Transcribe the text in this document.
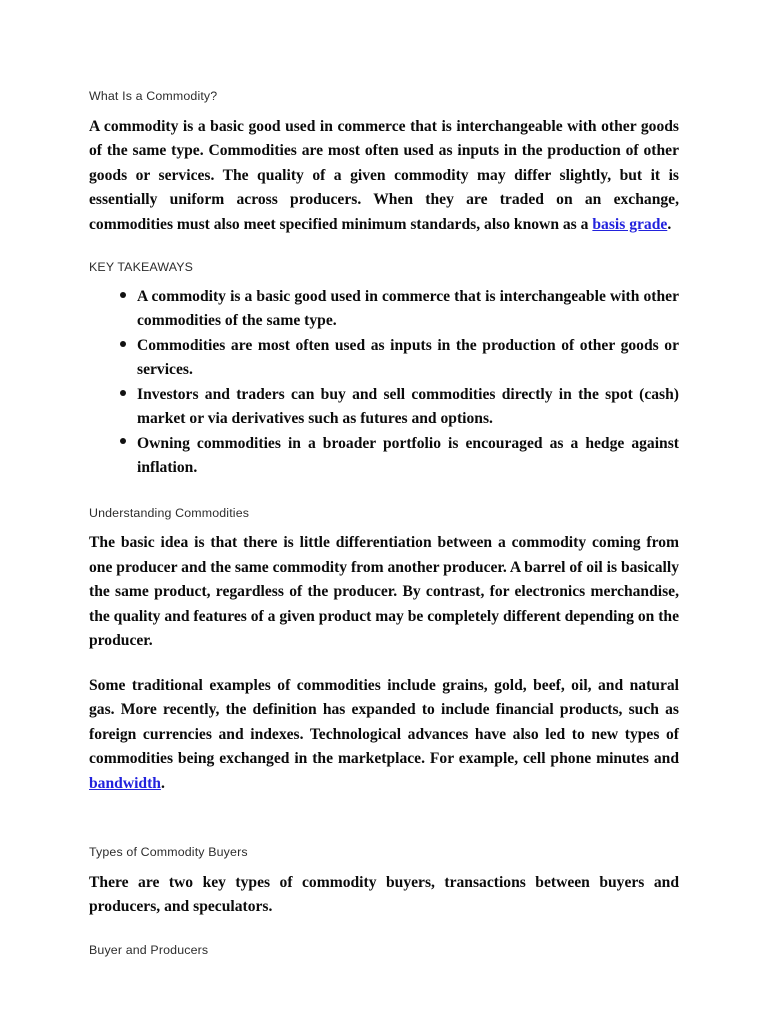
What Is a Commodity?

A commodity is a basic good used in commerce that is interchangeable with other goods of the same type. Commodities are most often used as inputs in the production of other goods or services. The quality of a given commodity may differ slightly, but it is essentially uniform across producers. When they are traded on an exchange, commodities must also meet specified minimum standards, also known as a basis grade.

KEY TAKEAWAYS
A commodity is a basic good used in commerce that is interchangeable with other commodities of the same type.
Commodities are most often used as inputs in the production of other goods or services.
Investors and traders can buy and sell commodities directly in the spot (cash) market or via derivatives such as futures and options.
Owning commodities in a broader portfolio is encouraged as a hedge against inflation.
Understanding Commodities

The basic idea is that there is little differentiation between a commodity coming from one producer and the same commodity from another producer. A barrel of oil is basically the same product, regardless of the producer. By contrast, for electronics merchandise, the quality and features of a given product may be completely different depending on the producer.

Some traditional examples of commodities include grains, gold, beef, oil, and natural gas. More recently, the definition has expanded to include financial products, such as foreign currencies and indexes. Technological advances have also led to new types of commodities being exchanged in the marketplace. For example, cell phone minutes and bandwidth.

Types of Commodity Buyers

There are two key types of commodity buyers, transactions between buyers and producers, and speculators.

Buyer and Producers
